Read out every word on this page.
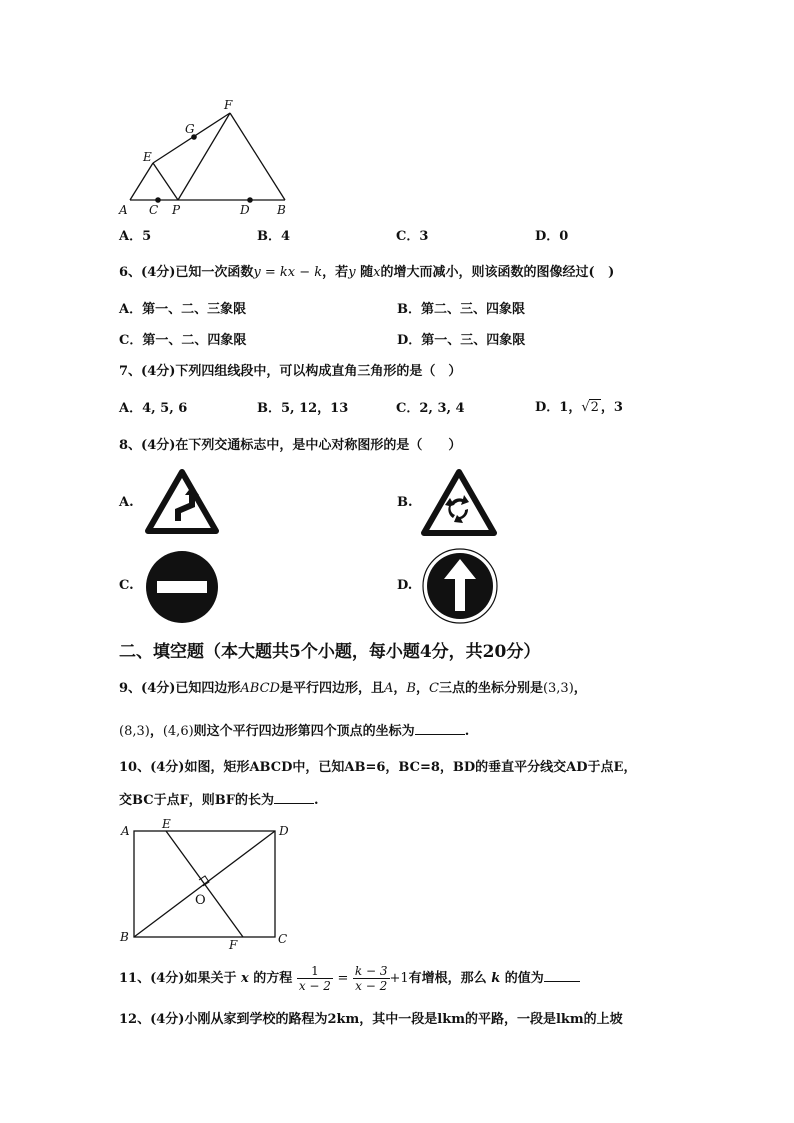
A C P	D B
E
G
F
A．5	B．4	C．3	D．0
6、(4分)已知一次函数y = kx − k，若y 随x的增大而减小，则该函数的图像经过( )
A．第一、二、三象限	B．第二、三、四象限
C．第一、二、四象限	D．第一、三、四象限
7、(4分)下列四组线段中，可以构成直角三角形的是（　）
A．4, 5, 6	B．5, 12，13	C．2, 3, 4	D．1，√2 ，3
8、(4分)在下列交通标志中，是中心对称图形的是（　　）
A.	B.
C.	D.
二、填空题（本大题共5个小题，每小题4分，共20分）
9、(4分)已知四边形ABCD是平行四边形，且A，B，C三点的坐标分别是(3,3)，
(8,3)，(4,6)则这个平行四边形第四个顶点的坐标为	.
10、(4分)如图，矩形ABCD中，已知AB=6，BC=8，BD的垂直平分线交AD于点E，
交BC于点F，则BF的长为	.
A	E	D
O
B
F	C
11、(4分)如果关于 x 的方程 $\frac{1}{x - 2} = \frac{k - 3}{x - 2} +1$有增根，那么 k 的值为
12、(4分)小刚从家到学校的路程为2km，其中一段是lkm的平路，一段是lkm的上坡
